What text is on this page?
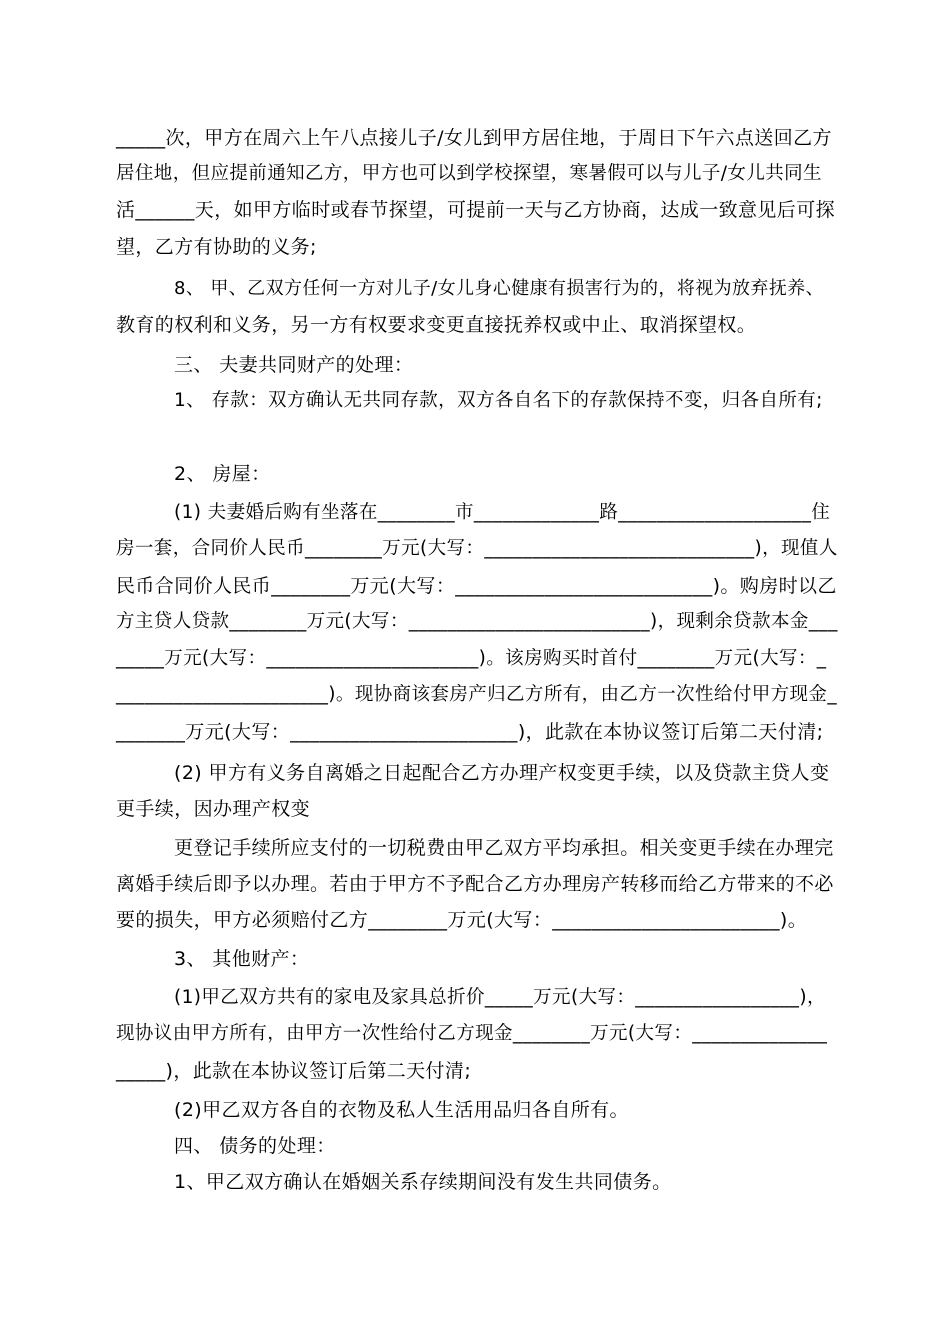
_____次，甲方在周六上午八点接儿子/女儿到甲方居住地，于周日下午六点送回乙方

居住地，但应提前通知乙方，甲方也可以到学校探望，寒暑假可以与儿子/女儿共同生

活______天，如甲方临时或春节探望，可提前一天与乙方协商，达成一致意见后可探

望，乙方有协助的义务;

8、 甲、乙双方任何一方对儿子/女儿身心健康有损害行为的，将视为放弃抚养、

教育的权利和义务，另一方有权要求变更直接抚养权或中止、取消探望权。

三、 夫妻共同财产的处理：

1、 存款：双方确认无共同存款，双方各自名下的存款保持不变，归各自所有;

2、 房屋：

(1) 夫妻婚后购有坐落在________市_____________路____________________住

房一套，合同价人民币________万元(大写：____________________________)，现值人

民币合同价人民币________万元(大写：__________________________)。购房时以乙

方主贷人贷款________万元(大写：_________________________)，现剩余贷款本金___

_____万元(大写：______________________)。该房购买时首付________万元(大写：_

______________________)。现协商该套房产归乙方所有，由乙方一次性给付甲方现金_

_______万元(大写：_______________________)，此款在本协议签订后第二天付清;

(2) 甲方有义务自离婚之日起配合乙方办理产权变更手续，以及贷款主贷人变

更手续，因办理产权变

更登记手续所应支付的一切税费由甲乙双方平均承担。相关变更手续在办理完

离婚手续后即予以办理。若由于甲方不予配合乙方办理房产转移而给乙方带来的不必

要的损失，甲方必须赔付乙方________万元(大写：_______________________)。

3、 其他财产：

(1)甲乙双方共有的家电及家具总折价_____万元(大写：_________________)，

现协议由甲方所有，由甲方一次性给付乙方现金________万元(大写：______________

_____)，此款在本协议签订后第二天付清;

(2)甲乙双方各自的衣物及私人生活用品归各自所有。

四、 债务的处理：

1、甲乙双方确认在婚姻关系存续期间没有发生共同债务。
